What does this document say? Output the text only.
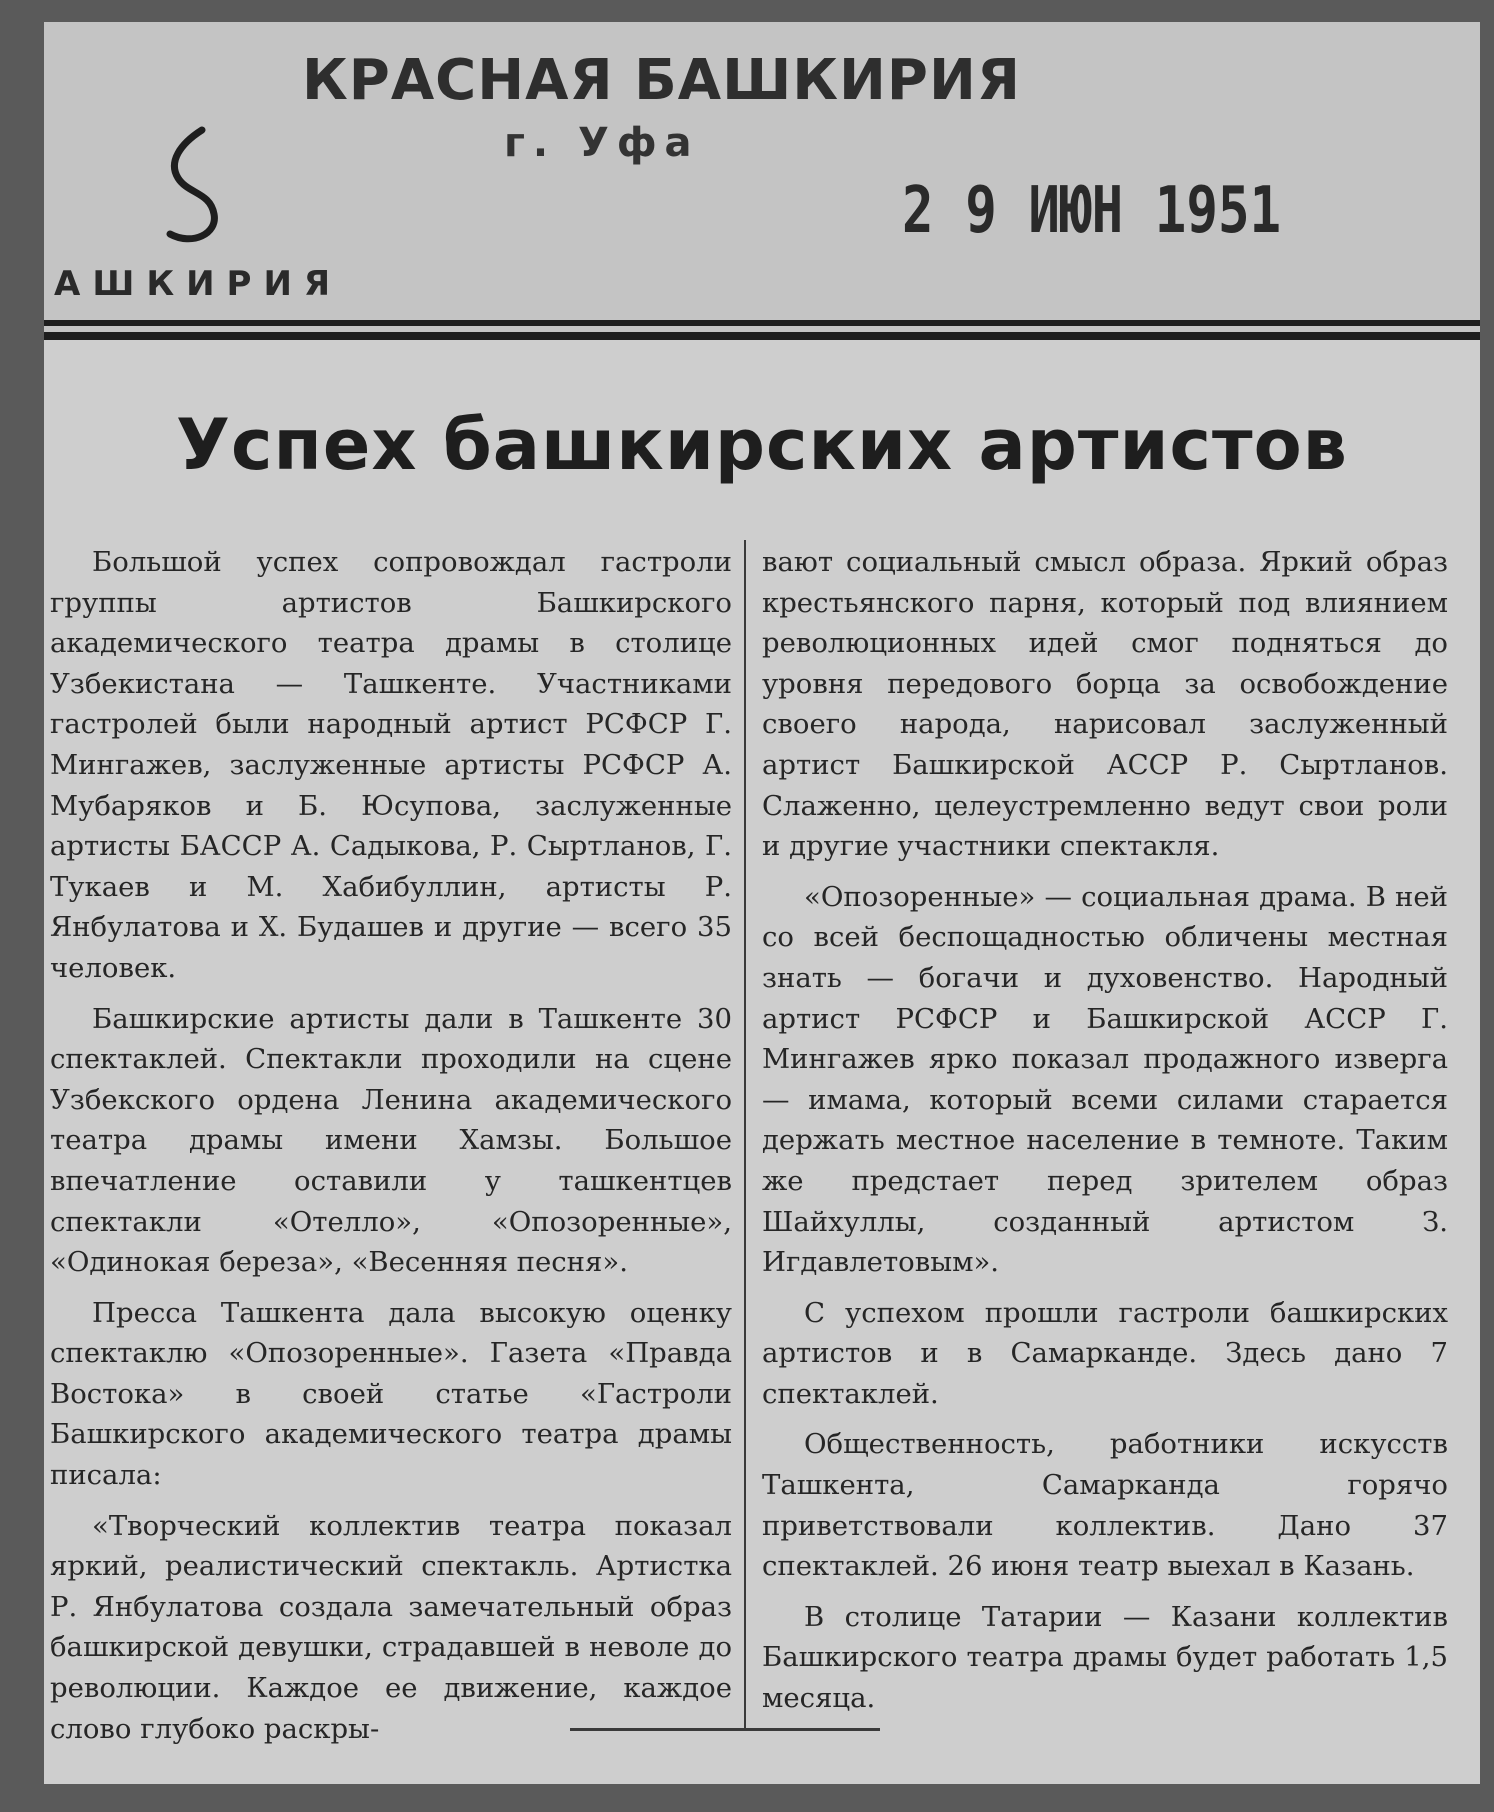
КРАСНАЯ БАШКИРИЯ
г. Уфа
2 9 ИЮН 1951
АШКИРИЯ
Успех башкирских артистов

Большой успех сопровождал гастроли группы артистов Башкирского академического театра драмы в столице Узбекистана — Ташкенте. Участниками гастролей были народный артист РСФСР Г. Мингажев, заслуженные артисты РСФСР А. Мубаряков и Б. Юсупова, заслуженные артисты БАССР А. Садыкова, Р. Сыртланов, Г. Тукаев и М. Хабибуллин, артисты Р. Янбулатова и Х. Будашев и другие — всего 35 человек.

Башкирские артисты дали в Ташкенте 30 спектаклей. Спектакли проходили на сцене Узбекского ордена Ленина академического театра драмы имени Хамзы. Большое впечатление оставили у ташкентцев спектакли «Отелло», «Опозоренные», «Одинокая береза», «Весенняя песня».

Пресса Ташкента дала высокую оценку спектаклю «Опозоренные». Газета «Правда Востока» в своей статье «Гастроли Башкирского академического театра драмы писала:

«Творческий коллектив театра показал яркий, реалистический спектакль. Артистка Р. Янбулатова создала замечательный образ башкирской девушки, страдавшей в неволе до революции. Каждое ее движение, каждое слово глубоко раскры-

вают социальный смысл образа. Яркий образ крестьянского парня, который под влиянием революционных идей смог подняться до уровня передового борца за освобождение своего народа, нарисовал заслуженный артист Башкирской АССР Р. Сыртланов. Слаженно, целеустремленно ведут свои роли и другие участники спектакля.

«Опозоренные» — социальная драма. В ней со всей беспощадностью обличены местная знать — богачи и духовенство. Народный артист РСФСР и Башкирской АССР Г. Мингажев ярко показал продажного изверга — имама, который всеми силами старается держать местное население в темноте. Таким же предстает перед зрителем образ Шайхуллы, созданный артистом З. Игдавлетовым».

С успехом прошли гастроли башкирских артистов и в Самарканде. Здесь дано 7 спектаклей.

Общественность, работники искусств Ташкента, Самарканда горячо приветствовали коллектив. Дано 37 спектаклей. 26 июня театр выехал в Казань.

В столице Татарии — Казани коллектив Башкирского театра драмы будет работать 1,5 месяца.
